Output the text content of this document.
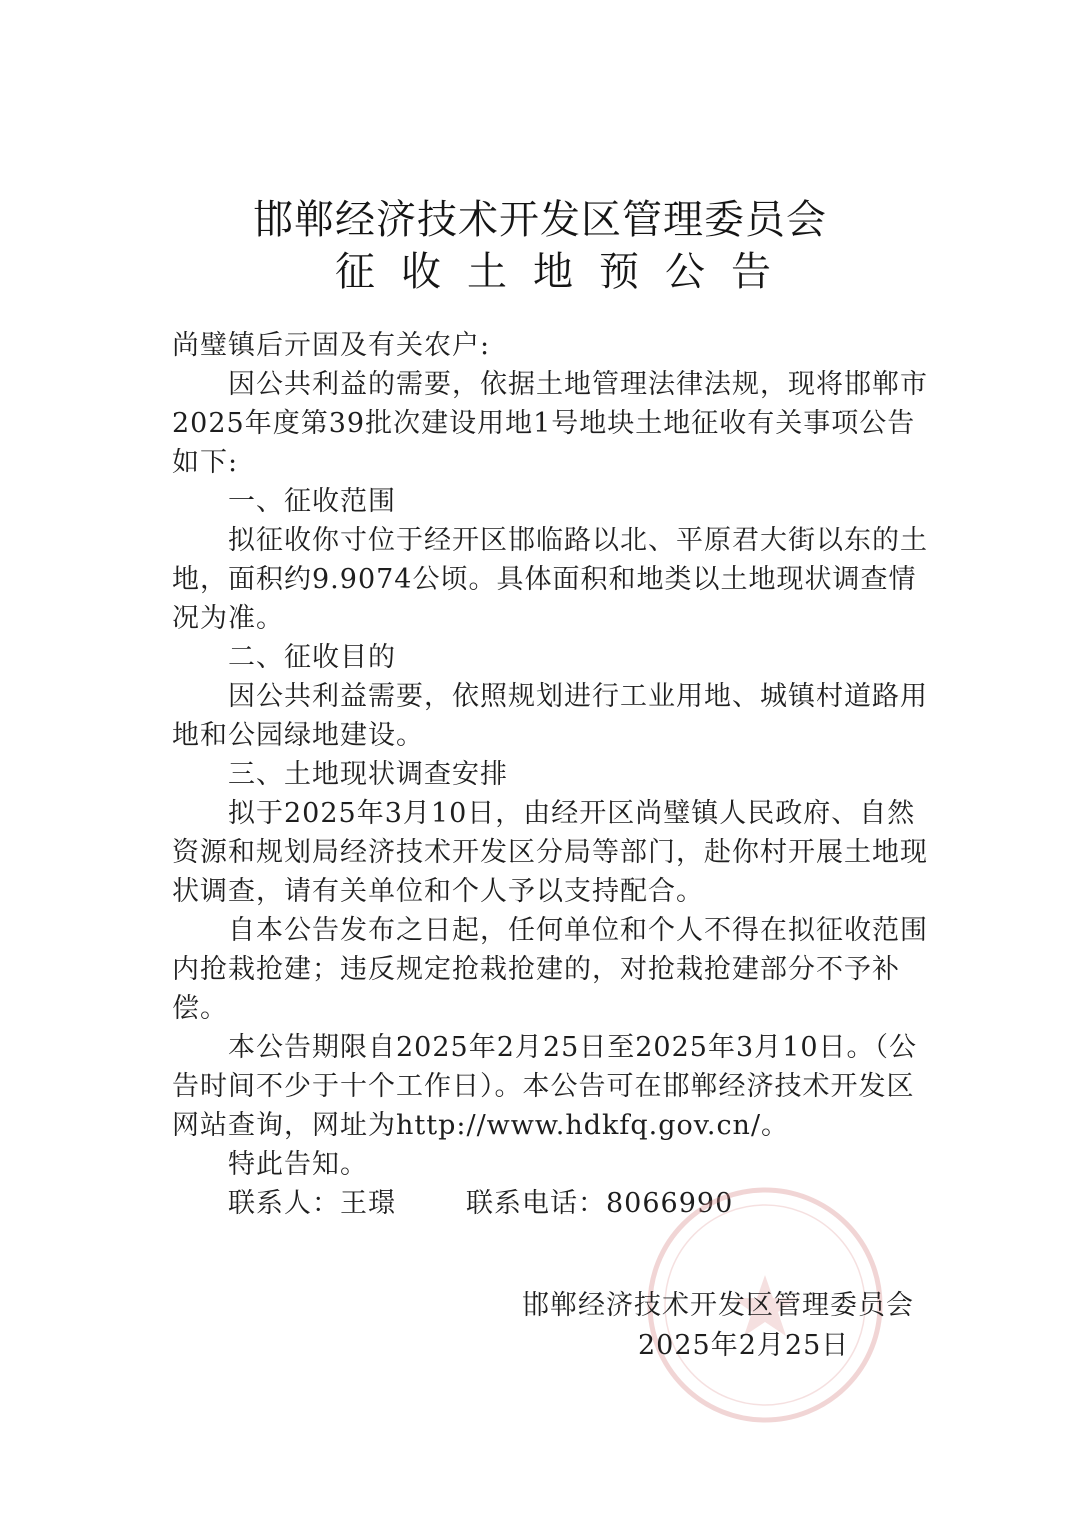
邯郸经济技术开发区管理委员会
征收土地预公告

尚璧镇后亓固及有关农户:

因公共利益的需要，依据土地管理法律法规，现将邯郸市2025年度第39批次建设用地1号地块土地征收有关事项公告如下:

一、征收范围

拟征收你寸位于经开区邯临路以北、平原君大街以东的土地，面积约9.9074公顷。具体面积和地类以土地现状调查情况为准。

二、征收目的

因公共利益需要，依照规划进行工业用地、城镇村道路用地和公园绿地建设。

三、土地现状调查安排

拟于2025年3月10日，由经开区尚璧镇人民政府、自然资源和规划局经济技术开发区分局等部门，赴你村开展土地现状调查，请有关单位和个人予以支持配合。

自本公告发布之日起，任何单位和个人不得在拟征收范围内抢栽抢建；违反规定抢栽抢建的，对抢栽抢建部分不予补偿。

本公告期限自2025年2月25日至2025年3月10日。（公告时间不少于十个工作日）。本公告可在邯郸经济技术开发区网站查询，网址为http://www.hdkfq.gov.cn/。

特此告知。

联系人：王璟	联系电话：8066990

邯郸经济技术开发区管理委员会
2025年2月25日
